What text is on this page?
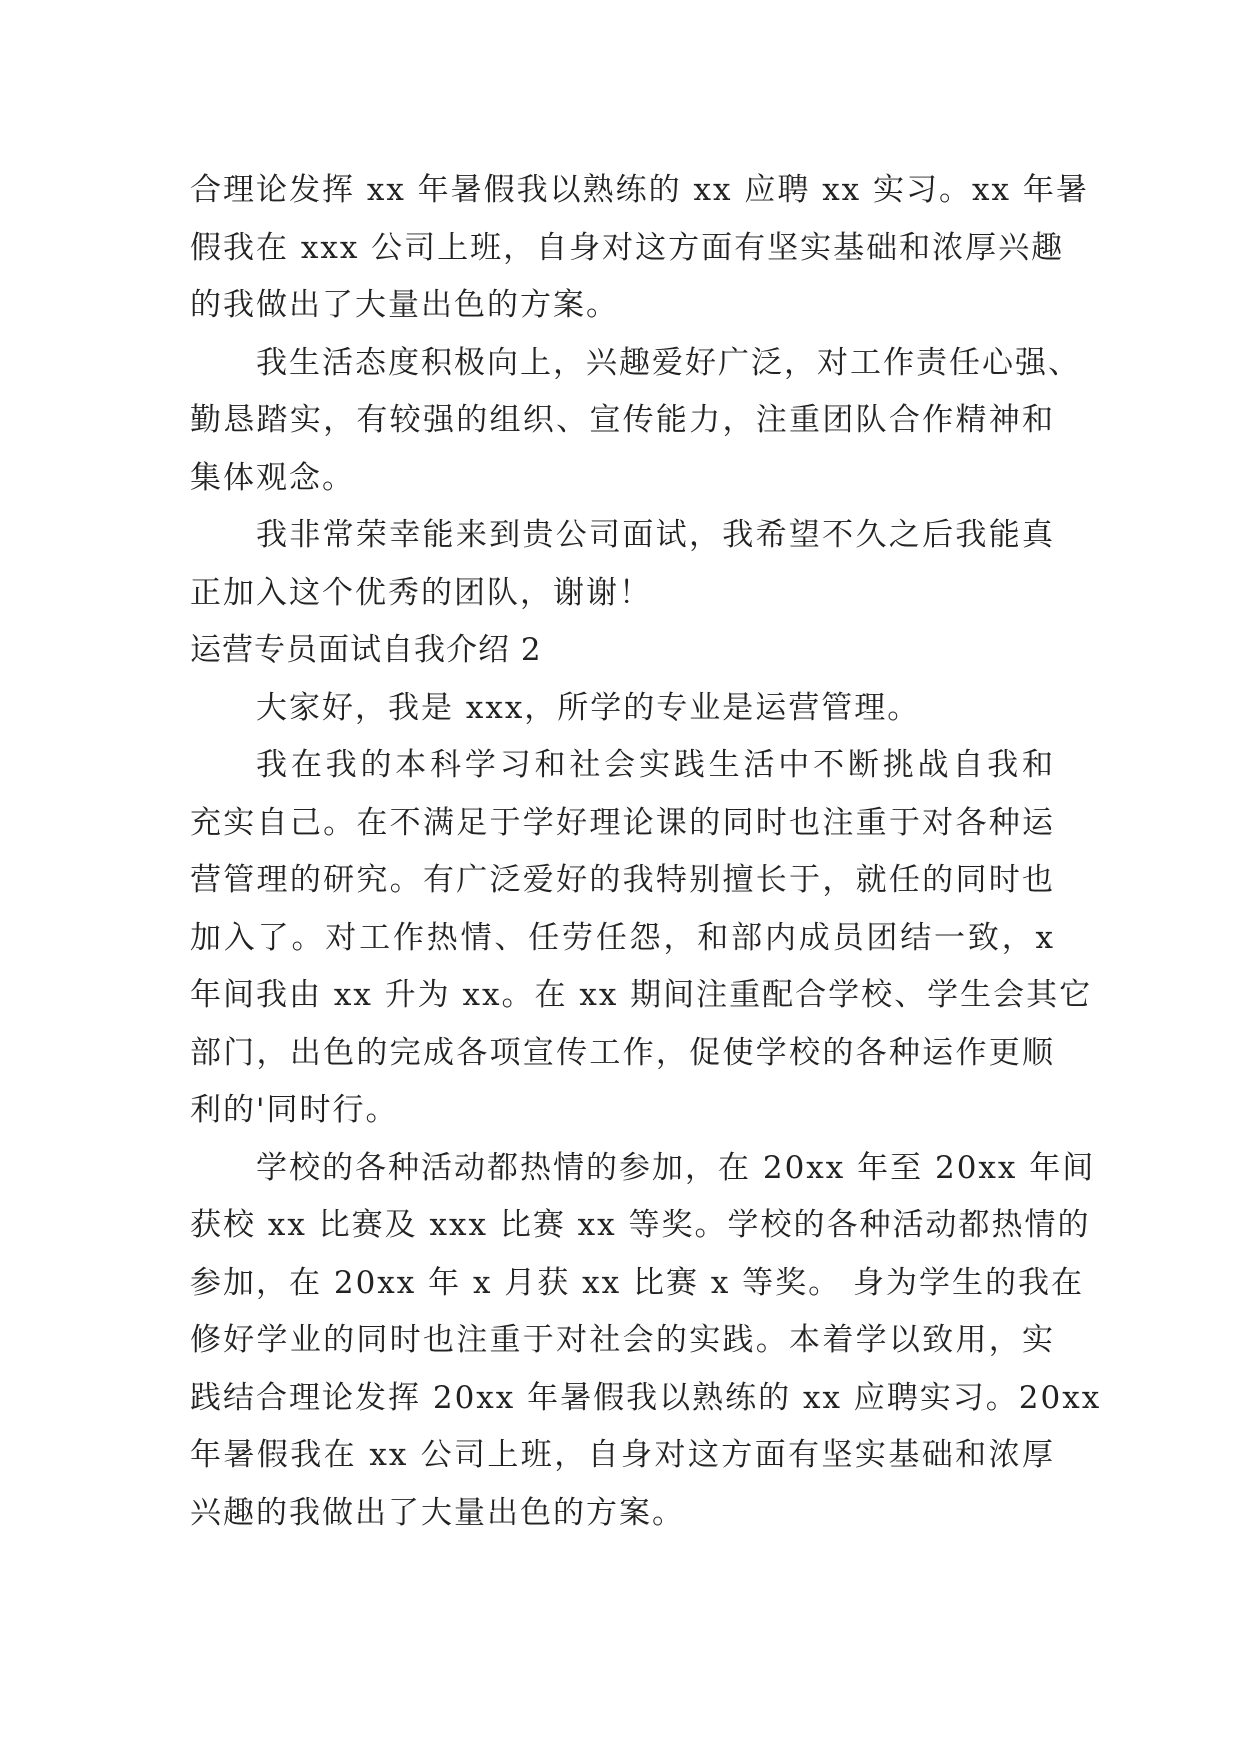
合理论发挥 xx 年暑假我以熟练的 xx 应聘 xx 实习。xx 年暑
假我在 xxx 公司上班，自身对这方面有坚实基础和浓厚兴趣
的我做出了大量出色的方案。
我生活态度积极向上，兴趣爱好广泛，对工作责任心强、
勤恳踏实，有较强的组织、宣传能力，注重团队合作精神和
集体观念。
我非常荣幸能来到贵公司面试，我希望不久之后我能真
正加入这个优秀的团队，谢谢！
运营专员面试自我介绍 2
大家好，我是 xxx，所学的专业是运营管理。
我在我的本科学习和社会实践生活中不断挑战自我和
充实自己。在不满足于学好理论课的同时也注重于对各种运
营管理的研究。有广泛爱好的我特别擅长于，就任的同时也
加入了。对工作热情、任劳任怨，和部内成员团结一致，x
年间我由 xx 升为 xx。在 xx 期间注重配合学校、学生会其它
部门，出色的完成各项宣传工作，促使学校的各种运作更顺
利的'同时行。
学校的各种活动都热情的参加，在 20xx 年至 20xx 年间
获校 xx 比赛及 xxx 比赛 xx 等奖。学校的各种活动都热情的
参加，在 20xx 年 x 月获 xx 比赛 x 等奖。 身为学生的我在
修好学业的同时也注重于对社会的实践。本着学以致用，实
践结合理论发挥 20xx 年暑假我以熟练的 xx 应聘实习。20xx
年暑假我在 xx 公司上班，自身对这方面有坚实基础和浓厚
兴趣的我做出了大量出色的方案。
